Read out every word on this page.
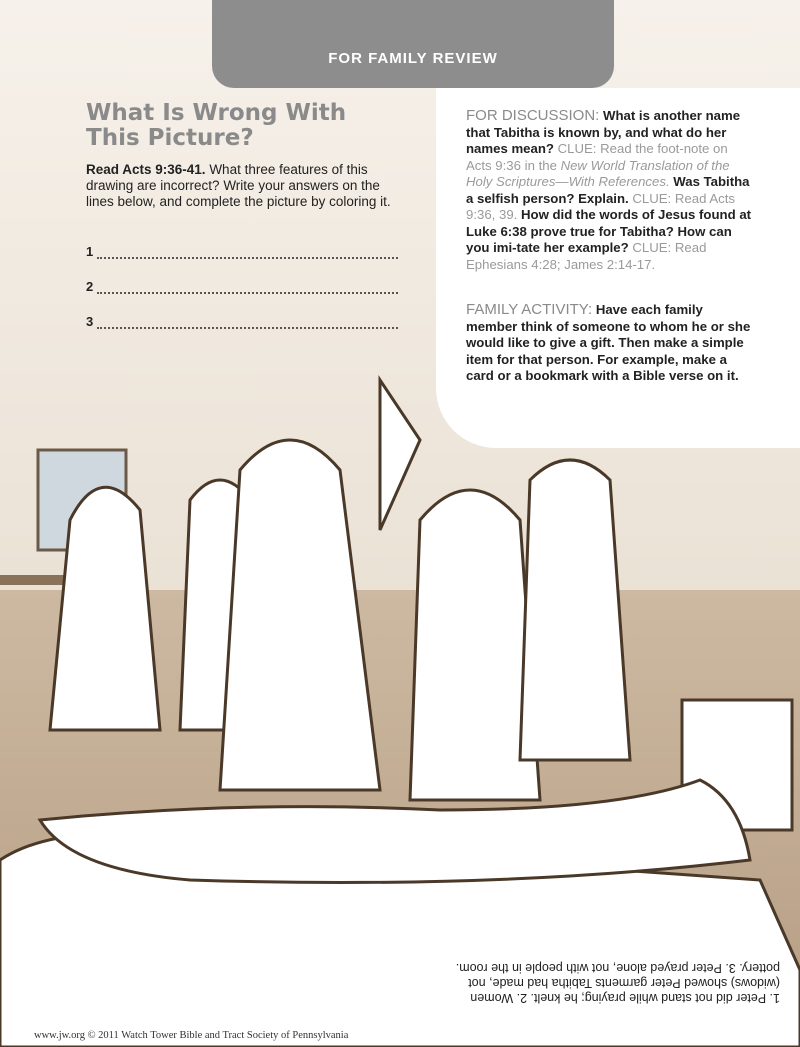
FOR FAMILY REVIEW
What Is Wrong With This Picture?
Read Acts 9:36-41. What three features of this drawing are incorrect? Write your answers on the lines below, and complete the picture by coloring it.
1
2
3
FOR DISCUSSION: What is another name that Tabitha is known by, and what do her names mean? CLUE: Read the foot-note on Acts 9:36 in the New World Translation of the Holy Scriptures—With References. Was Tabitha a selfish person? Explain. CLUE: Read Acts 9:36, 39. How did the words of Jesus found at Luke 6:38 prove true for Tabitha? How can you imi-tate her example? CLUE: Read Ephesians 4:28; James 2:14-17.
FAMILY ACTIVITY: Have each family member think of someone to whom he or she would like to give a gift. Then make a simple item for that person. For example, make a card or a bookmark with a Bible verse on it.
1. Peter did not stand while praying; he knelt. 2. Women (widows) showed Peter garments Tabitha had made, not pottery. 3. Peter prayed alone, not with people in the room.
www.jw.org © 2011 Watch Tower Bible and Tract Society of Pennsylvania
